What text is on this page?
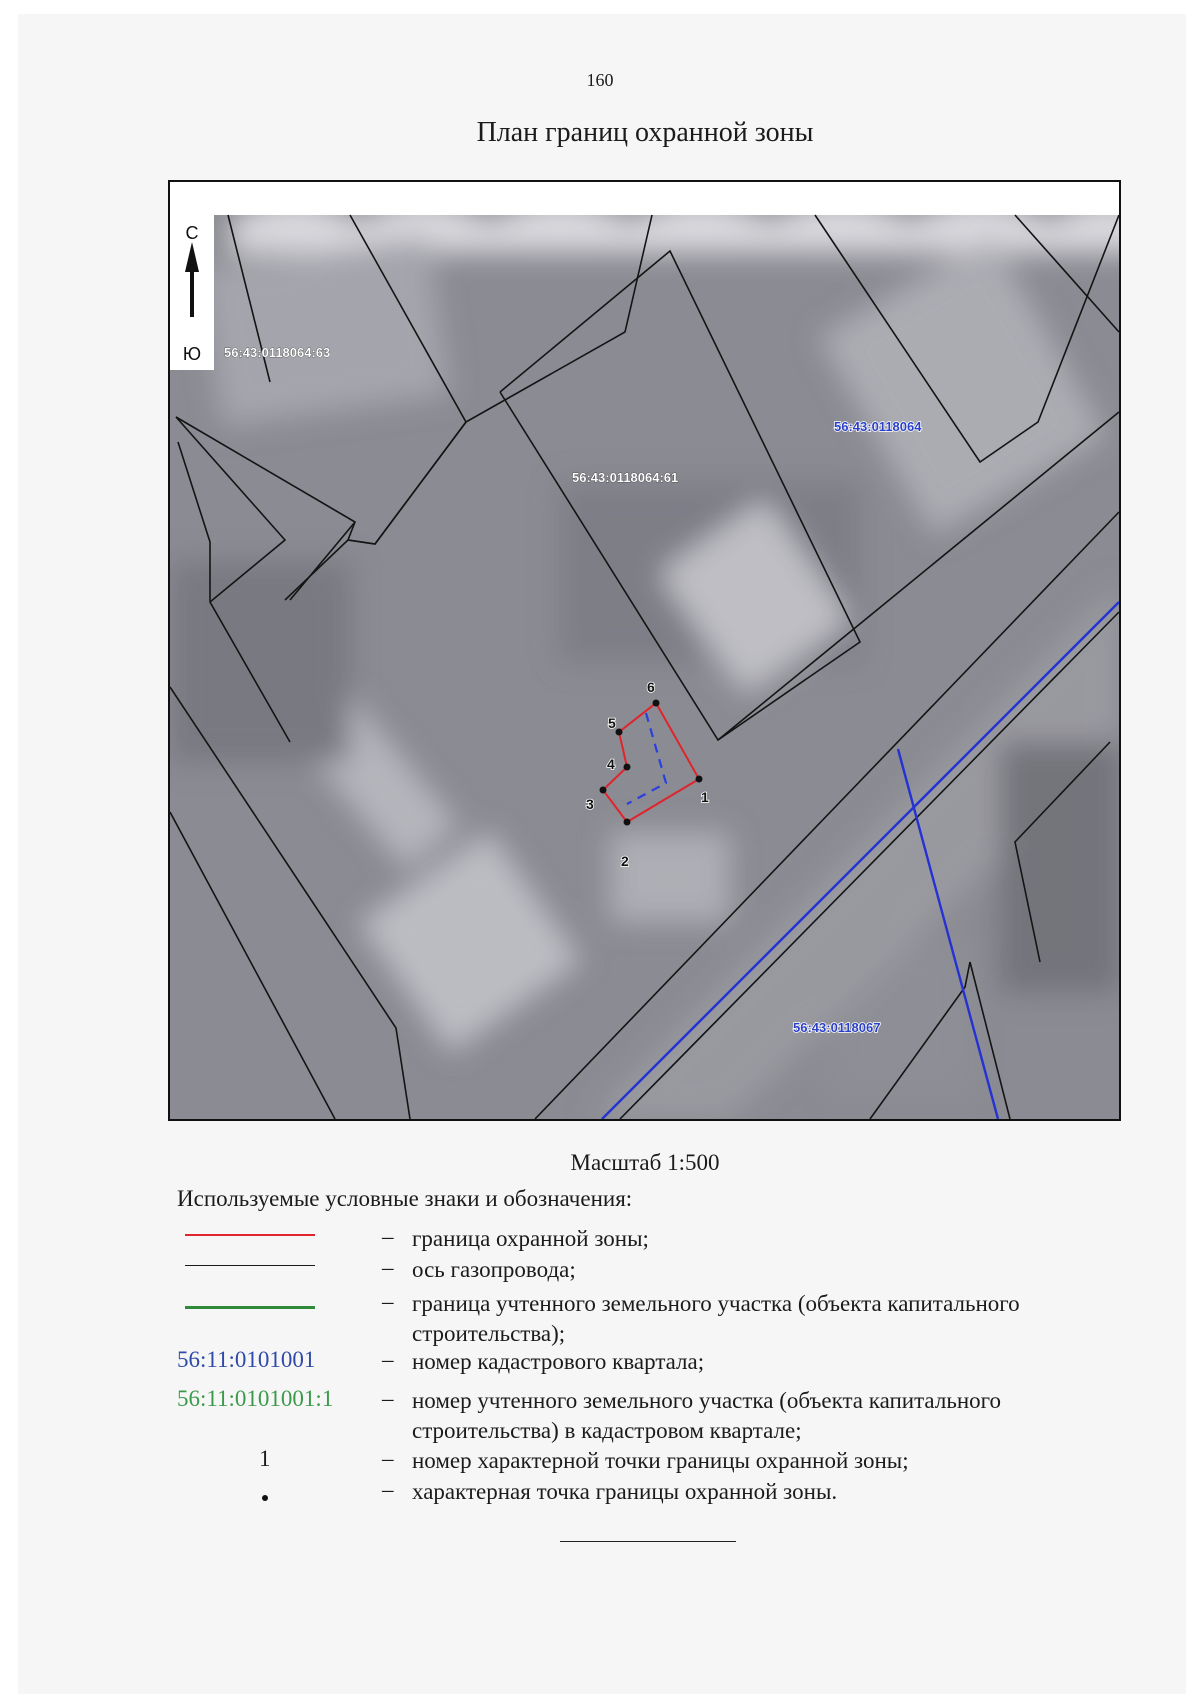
160
План границ охранной зоны
С
Ю 56:43:0118064:63
56:43:0118064:61
56:43:0118064
56:43:0118067
1
2
3
4
5
6
Масштаб 1:500
Используемые условные знаки и обозначения:
– граница охранной зоны;
– ось газопровода;
– граница учтенного земельного участка (объекта капитального строительства);
56:11:0101001	– номер кадастрового квартала;
56:11:0101001:1 – номер учтенного земельного участка (объекта капитального строительства) в кадастровом квартале;
1	– номер характерной точки границы охранной зоны;
– характерная точка границы охранной зоны.
